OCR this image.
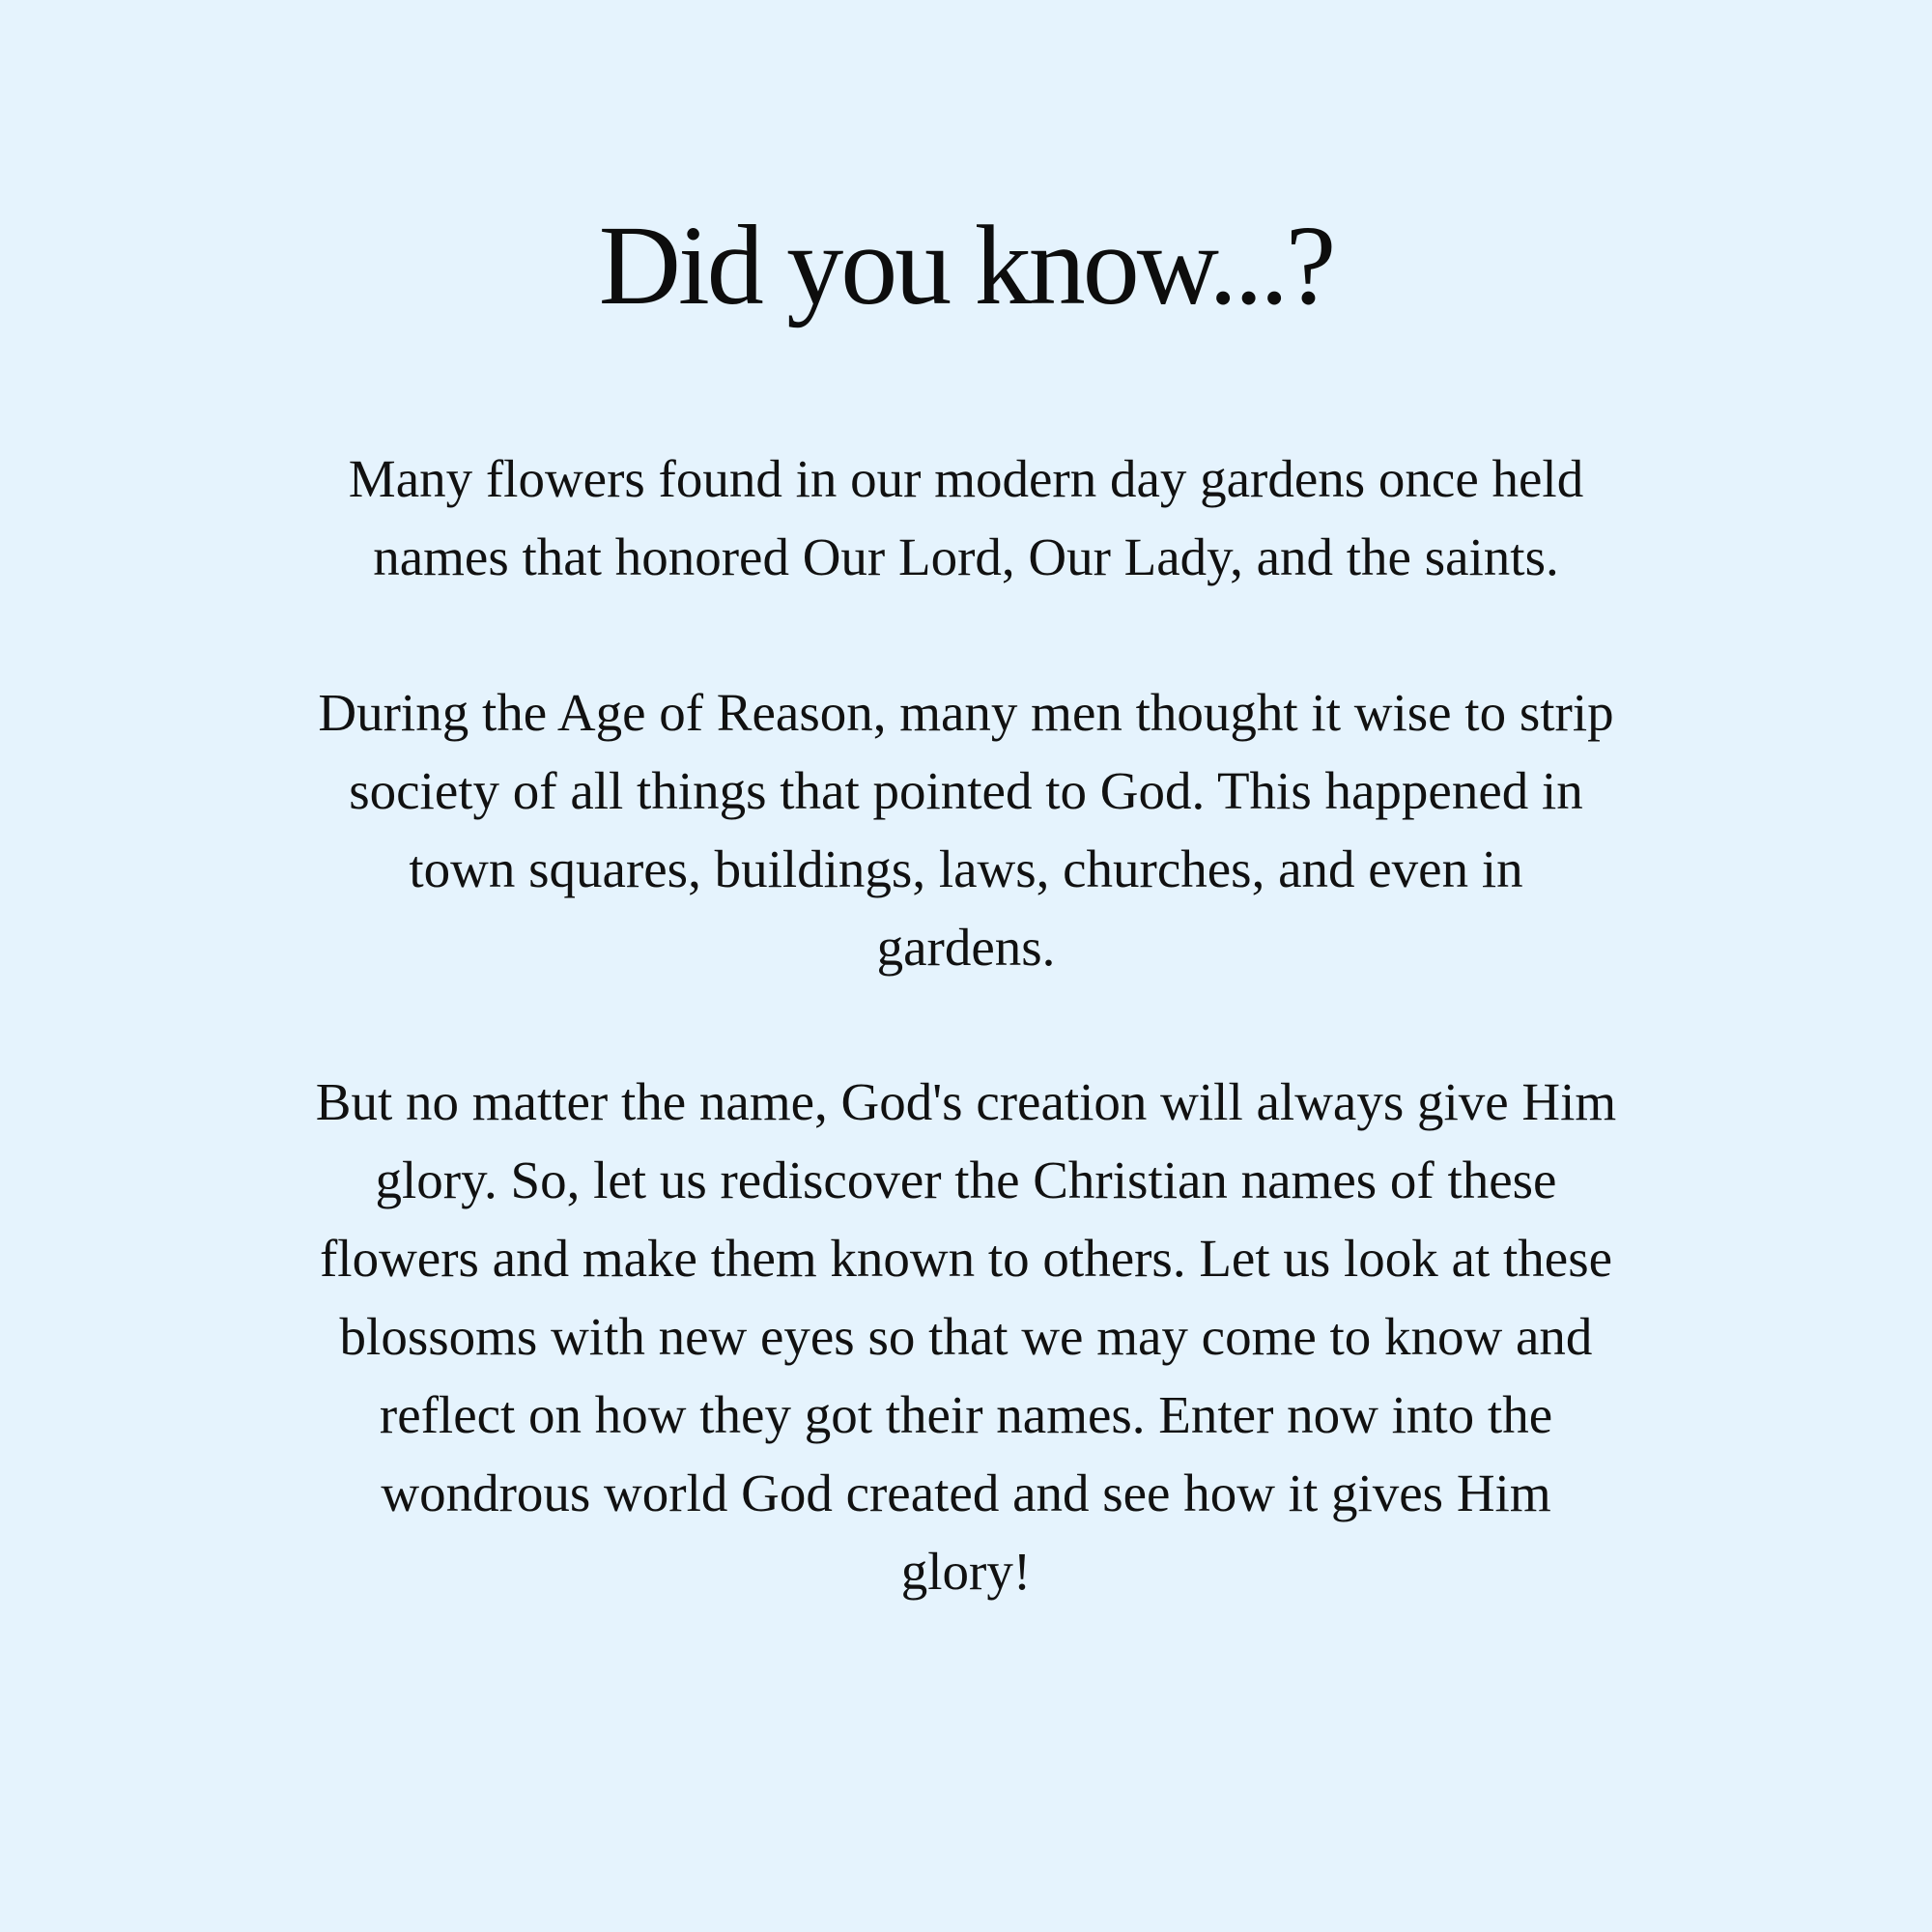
Did you know...?

Many flowers found in our modern day gardens once held
names that honored Our Lord, Our Lady, and the saints.

During the Age of Reason, many men thought it wise to strip
society of all things that pointed to God. This happened in
town squares, buildings, laws, churches, and even in
gardens.

But no matter the name, God's creation will always give Him
glory. So, let us rediscover the Christian names of these
flowers and make them known to others. Let us look at these
blossoms with new eyes so that we may come to know and
reflect on how they got their names. Enter now into the
wondrous world God created and see how it gives Him
glory!
